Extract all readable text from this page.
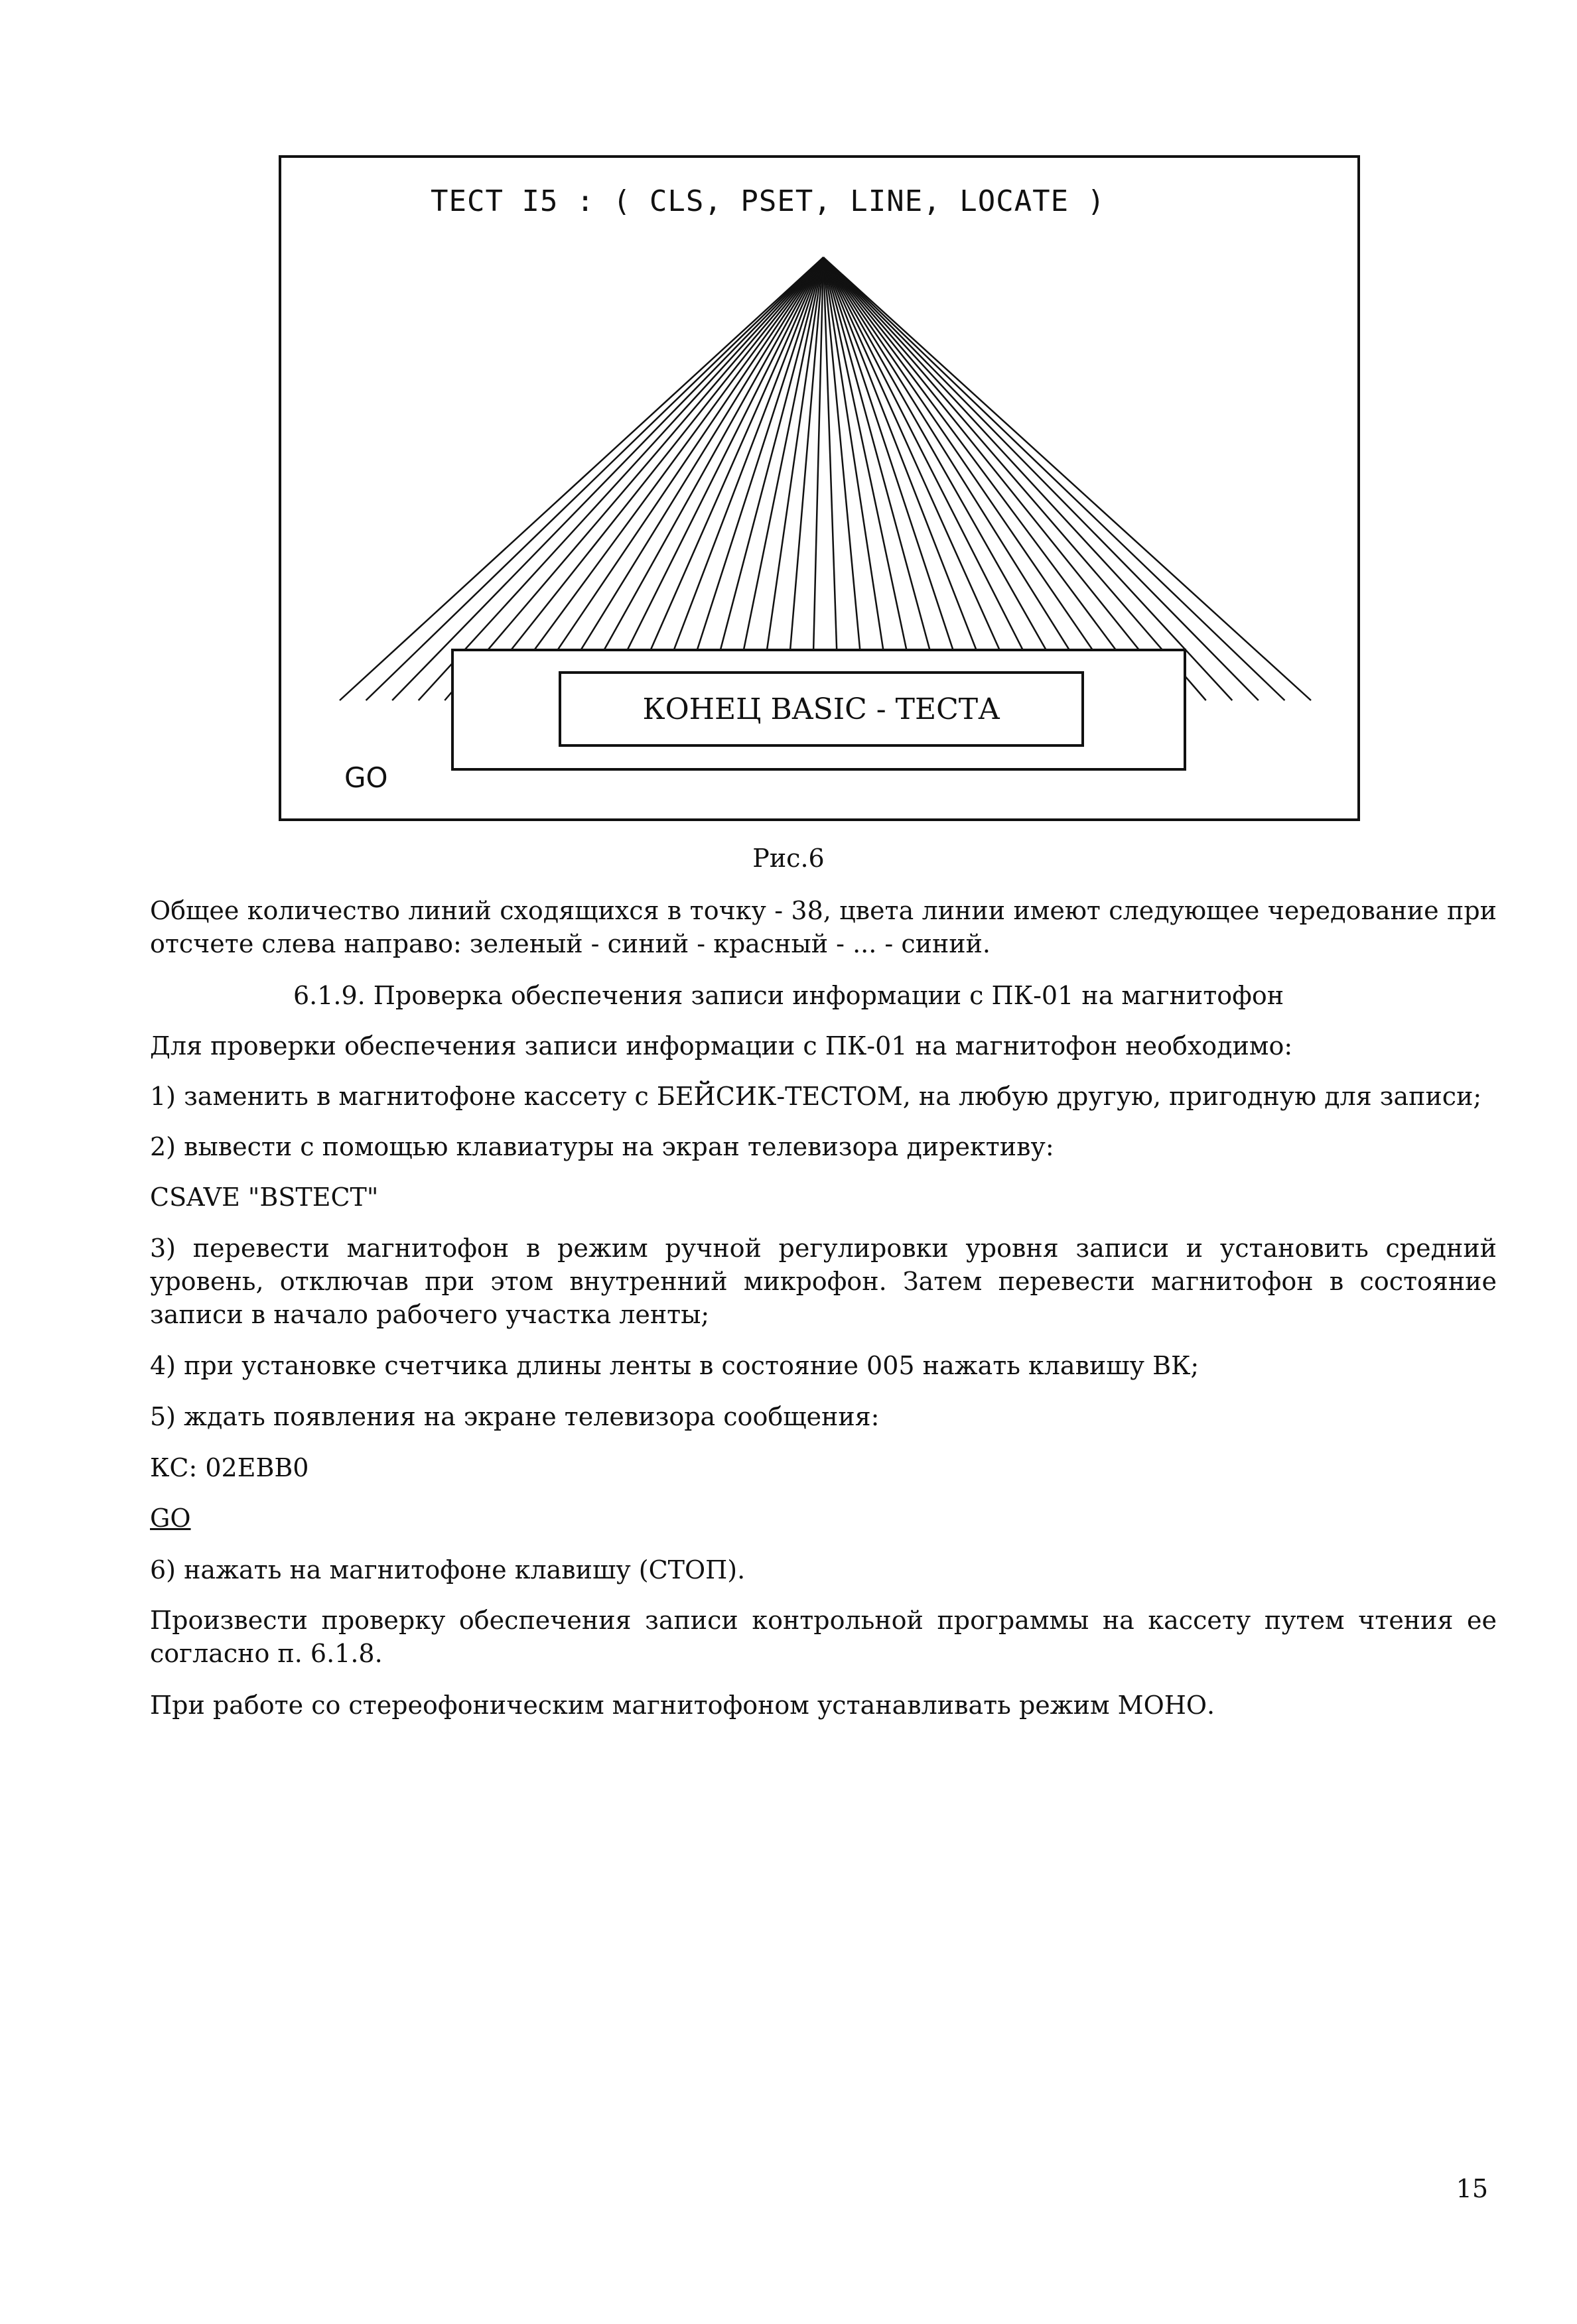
ТЕСТ I5 : ( CLS, PSET, LINE, LOCATE )
КОНЕЦ BASIC - ТЕСТА
GO
Рис.6
Общее количество линий сходящихся в точку - 38, цвета линии имеют следующее чередование при отсчете слева направо: зеленый - синий - красный - ... - синий.
6.1.9. Проверка обеспечения записи информации с ПК-01 на магнитофон
Для проверки обеспечения записи информации с ПК-01 на магнитофон необходимо:
1) заменить в магнитофоне кассету с БЕЙСИК-ТЕСТОМ, на любую другую, пригодную для записи;
2) вывести с помощью клавиатуры на экран телевизора директиву:
CSAVE "BSTECT"
3) перевести магнитофон в режим ручной регулировки уровня записи и установить средний уровень, отключав при этом внутренний микрофон. Затем перевести магнитофон в состояние записи в начало рабочего участка ленты;
4) при установке счетчика длины ленты в состояние 005 нажать клавишу ВК;
5) ждать появления на экране телевизора сообщения:
КС: 02ЕВВ0
GO
6) нажать на магнитофоне клавишу (СТОП).
Произвести проверку обеспечения записи контрольной программы на кассету путем чтения ее согласно п. 6.1.8.
При работе со стереофоническим магнитофоном устанавливать режим МОНО.
15
